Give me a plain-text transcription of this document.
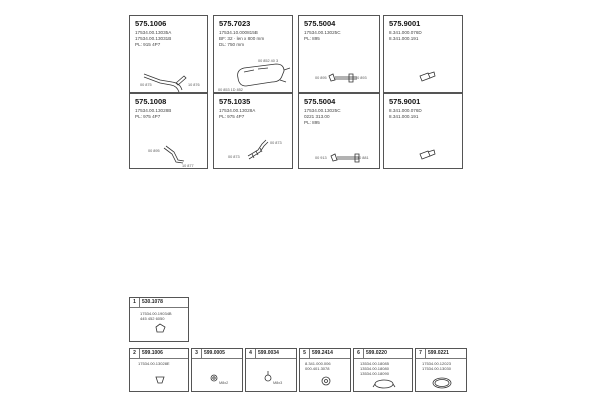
575.1006
17534.00.13035A
17534.00.13031B
PL: 915 4P7
00 875	10 876
575.7023
17534.10.000815B
BF: 32 · len x 800 mm
DL: 750 mm
00 853 1D 852
00 852 40 3
575.5004
17534.00.13025C
PL: 895
00 895	10 893
575.9001
8.341.000.076D
8.341.000.191
575.1008
17534.00.13028B
PL: 975 4P7
00 895
10 877
575.1035
17534.00.13028A
PL: 975 4P7
00 873
00 873
575.5004
17534.00.13025C
0221 313.00
PL: 895
00 913	10 881
575.9001
8.341.000.076D
8.341.000.191
1	530.1078
17534.00.19034B
445 452 6050
2	599.1006
17534.00.13028E
3	599.0005
M8x2
4	599.0034
M8x3
5	599.2414
8.341.000.006
000.401.3078
6	599.0220
13534.00.18085
13534.00.18080
13534.00.18090
7	599.0221
17534.00.12023
17534.00.13030
